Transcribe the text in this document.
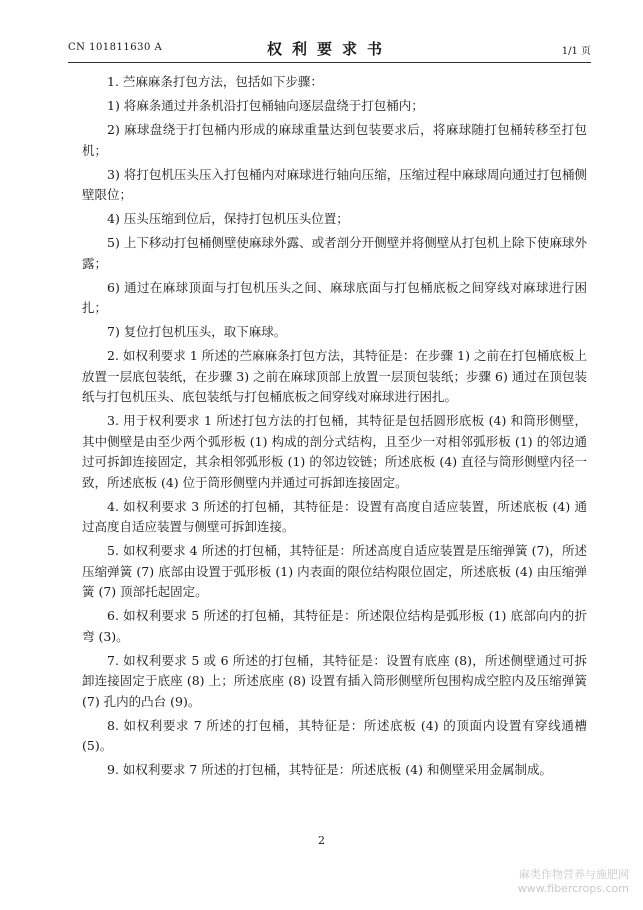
CN 101811630 A	权利要求书	1/1 页

1. 苎麻麻条打包方法，包括如下步骤：

1) 将麻条通过并条机沿打包桶轴向逐层盘绕于打包桶内；

2) 麻球盘绕于打包桶内形成的麻球重量达到包装要求后，将麻球随打包桶转移至打包机；

3) 将打包机压头压入打包桶内对麻球进行轴向压缩，压缩过程中麻球周向通过打包桶侧壁限位；

4) 压头压缩到位后，保持打包机压头位置；

5) 上下移动打包桶侧壁使麻球外露、或者剖分开侧壁并将侧壁从打包机上除下使麻球外露；

6) 通过在麻球顶面与打包机压头之间、麻球底面与打包桶底板之间穿线对麻球进行困扎；

7) 复位打包机压头，取下麻球。

2. 如权利要求 1 所述的苎麻麻条打包方法，其特征是：在步骤 1) 之前在打包桶底板上放置一层底包装纸，在步骤 3) 之前在麻球顶部上放置一层顶包装纸；步骤 6) 通过在顶包装纸与打包机压头、底包装纸与打包桶底板之间穿线对麻球进行困扎。

3. 用于权利要求 1 所述打包方法的打包桶，其特征是包括圆形底板 (4) 和筒形侧壁，其中侧壁是由至少两个弧形板 (1) 构成的剖分式结构，且至少一对相邻弧形板 (1) 的邻边通过可拆卸连接固定，其余相邻弧形板 (1) 的邻边铰链；所述底板 (4) 直径与筒形侧壁内径一致，所述底板 (4) 位于筒形侧壁内并通过可拆卸连接固定。

4. 如权利要求 3 所述的打包桶，其特征是：设置有高度自适应装置，所述底板 (4) 通过高度自适应装置与侧壁可拆卸连接。

5. 如权利要求 4 所述的打包桶，其特征是：所述高度自适应装置是压缩弹簧 (7)，所述压缩弹簧 (7) 底部由设置于弧形板 (1) 内表面的限位结构限位固定，所述底板 (4) 由压缩弹簧 (7) 顶部托起固定。

6. 如权利要求 5 所述的打包桶，其特征是：所述限位结构是弧形板 (1) 底部向内的折弯 (3)。

7. 如权利要求 5 或 6 所述的打包桶，其特征是：设置有底座 (8)，所述侧壁通过可拆卸连接固定于底座 (8) 上；所述底座 (8) 设置有插入筒形侧壁所包围构成空腔内及压缩弹簧 (7) 孔内的凸台 (9)。

8. 如权利要求 7 所述的打包桶，其特征是：所述底板 (4) 的顶面内设置有穿线通槽 (5)。

9. 如权利要求 7 所述的打包桶，其特征是：所述底板 (4) 和侧壁采用金属制成。

2
麻类作物营养与施肥网
www.fibercrops.com
